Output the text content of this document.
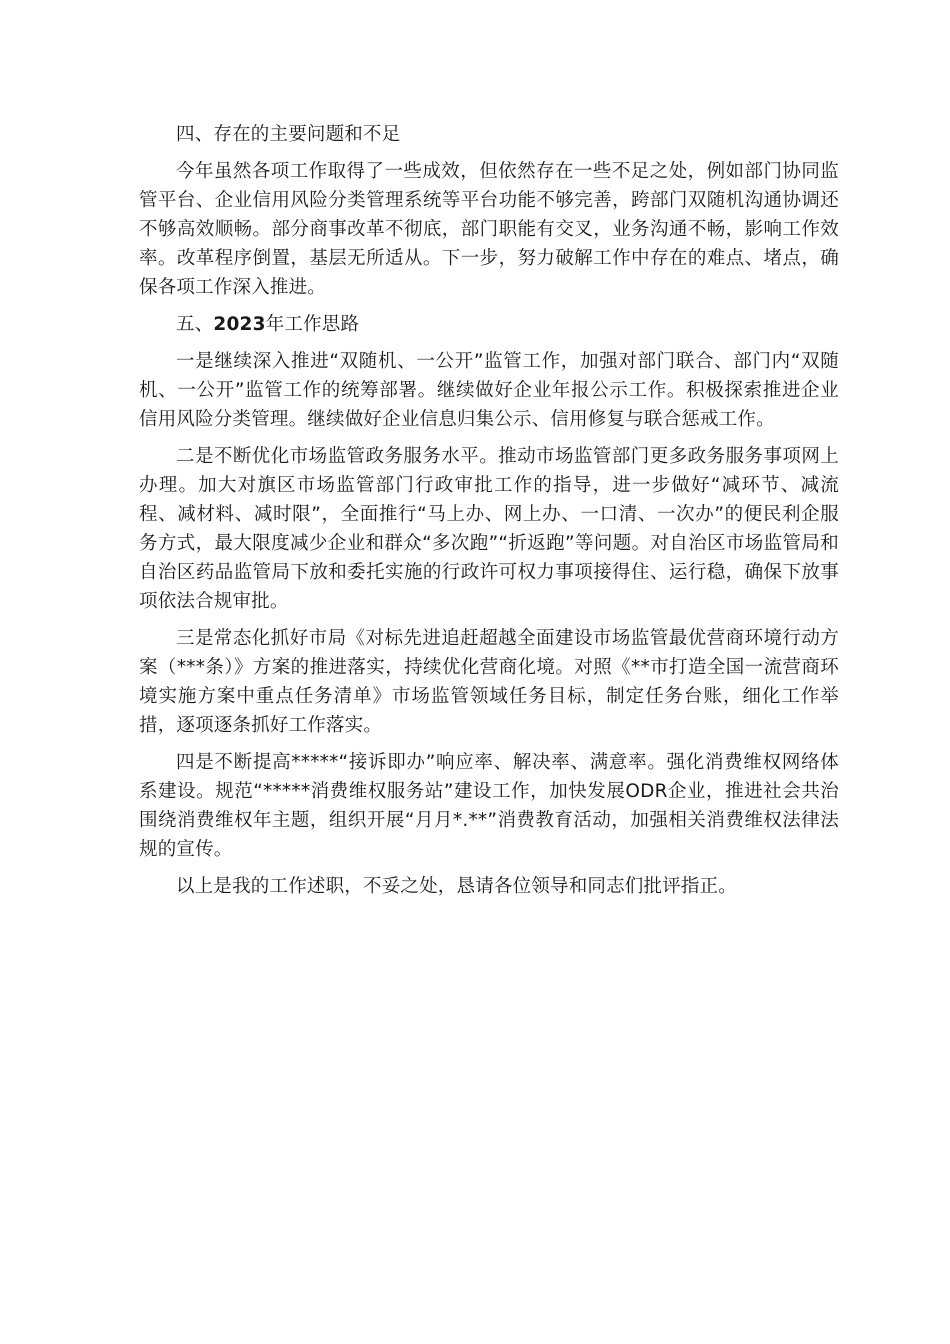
四、存在的主要问题和不足

今年虽然各项工作取得了一些成效，但依然存在一些不足之处，例如部门协同监管平台、企业信用风险分类管理系统等平台功能不够完善，跨部门双随机沟通协调还不够高效顺畅。部分商事改革不彻底，部门职能有交叉，业务沟通不畅，影响工作效率。改革程序倒置，基层无所适从。下一步，努力破解工作中存在的难点、堵点，确保各项工作深入推进。

五、2023年工作思路

一是继续深入推进“双随机、一公开”监管工作，加强对部门联合、部门内“双随机、一公开”监管工作的统筹部署。继续做好企业年报公示工作。积极探索推进企业信用风险分类管理。继续做好企业信息归集公示、信用修复与联合惩戒工作。

二是不断优化市场监管政务服务水平。推动市场监管部门更多政务服务事项网上办理。加大对旗区市场监管部门行政审批工作的指导，进一步做好“减环节、减流程、减材料、减时限”，全面推行“马上办、网上办、一口清、一次办”的便民利企服务方式，最大限度减少企业和群众“多次跑”“折返跑”等问题。对自治区市场监管局和自治区药品监管局下放和委托实施的行政许可权力事项接得住、运行稳，确保下放事项依法合规审批。

三是常态化抓好市局《对标先进追赶超越全面建设市场监管最优营商环境行动方案（***条）》方案的推进落实，持续优化营商化境。对照《**市打造全国一流营商环境实施方案中重点任务清单》市场监管领域任务目标，制定任务台账，细化工作举措，逐项逐条抓好工作落实。

四是不断提高*****“接诉即办”响应率、解决率、满意率。强化消费维权网络体系建设。规范“*****消费维权服务站”建设工作，加快发展ODR企业，推进社会共治围绕消费维权年主题，组织开展“月月*.**”消费教育活动，加强相关消费维权法律法规的宣传。

以上是我的工作述职，不妥之处，恳请各位领导和同志们批评指正。
